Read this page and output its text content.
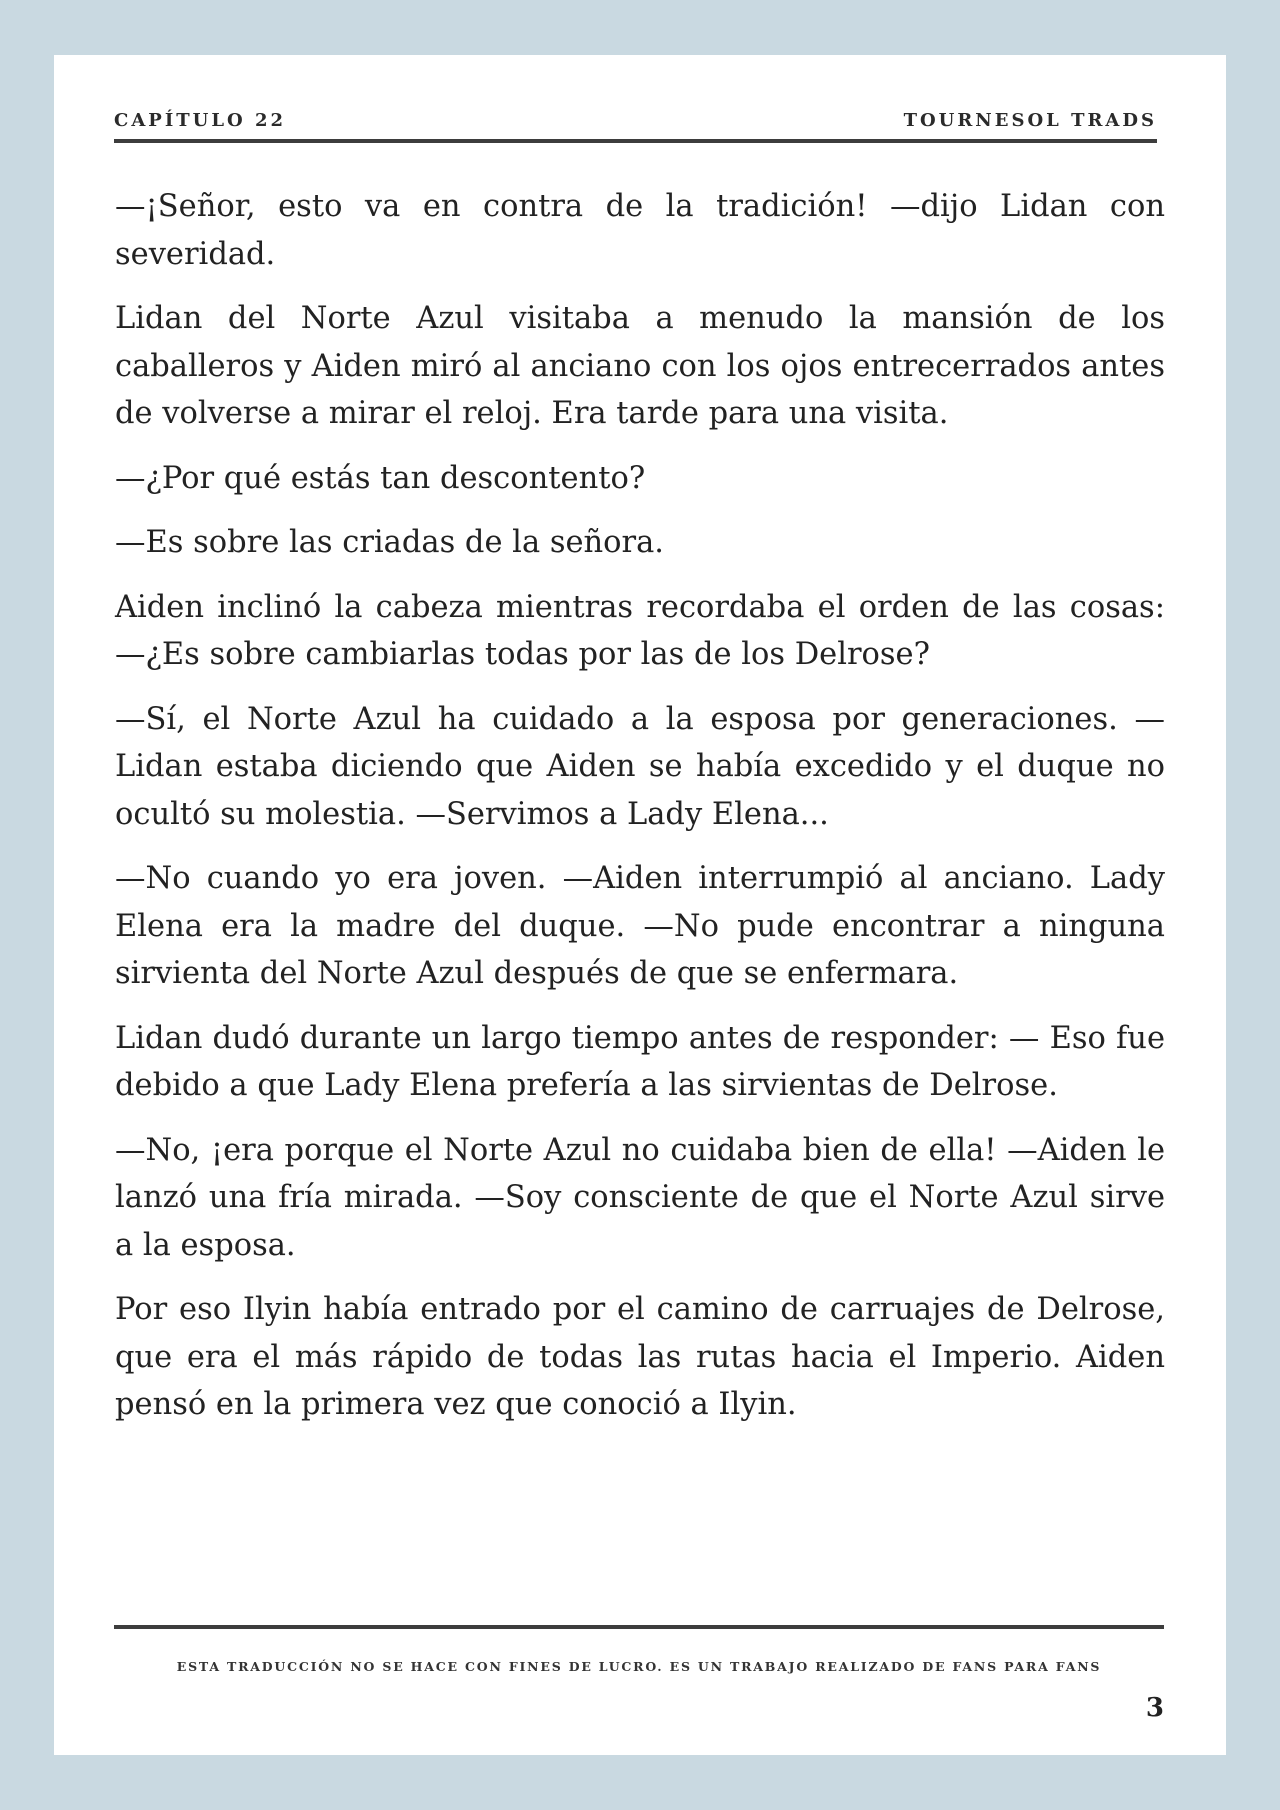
CAPÍTULO 22	TOURNESOL TRADS

—¡Señor, esto va en contra de la tradición! —dijo Lidan con severidad.

Lidan del Norte Azul visitaba a menudo la mansión de los caballeros y Aiden miró al anciano con los ojos entrecerrados antes de volverse a mirar el reloj. Era tarde para una visita.

—¿Por qué estás tan descontento?

—Es sobre las criadas de la señora.

Aiden inclinó la cabeza mientras recordaba el orden de las cosas: —¿Es sobre cambiarlas todas por las de los Delrose?

—Sí, el Norte Azul ha cuidado a la esposa por generaciones. —Lidan estaba diciendo que Aiden se había excedido y el duque no ocultó su molestia. —Servimos a Lady Elena...

—No cuando yo era joven. —Aiden interrumpió al anciano. Lady Elena era la madre del duque. —No pude encontrar a ninguna sirvienta del Norte Azul después de que se enfermara.

Lidan dudó durante un largo tiempo antes de responder: — Eso fue debido a que Lady Elena prefería a las sirvientas de Delrose.

—No, ¡era porque el Norte Azul no cuidaba bien de ella! —Aiden le lanzó una fría mirada. —Soy consciente de que el Norte Azul sirve a la esposa.

Por eso Ilyin había entrado por el camino de carruajes de Delrose, que era el más rápido de todas las rutas hacia el Imperio. Aiden pensó en la primera vez que conoció a Ilyin.

ESTA TRADUCCIÓN NO SE HACE CON FINES DE LUCRO. ES UN TRABAJO REALIZADO DE FANS PARA FANS
3
